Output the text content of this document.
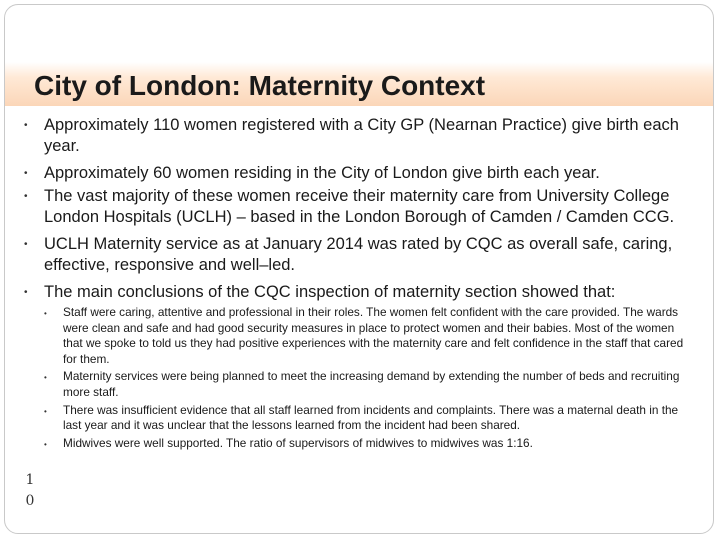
City of London: Maternity Context
• Approximately 110 women registered with a City GP (Nearnan Practice) give birth each year.
• Approximately 60 women residing in the City of London give birth each year.
• The vast majority of these women receive their maternity care from University College London Hospitals (UCLH) – based in the London Borough of Camden / Camden CCG.
• UCLH Maternity service as at January 2014 was rated by CQC as overall safe, caring, effective, responsive and well–led.
• The main conclusions of the CQC inspection of maternity section showed that:
• Staff were caring, attentive and professional in their roles. The women felt confident with the care provided. The wards were clean and safe and had good security measures in place to protect women and their babies. Most of the women that we spoke to told us they had positive experiences with the maternity care and felt confidence in the staff that cared for them.
• Maternity services were being planned to meet the increasing demand by extending the number of beds and recruiting more staff.
• There was insufficient evidence that all staff learned from incidents and complaints. There was a maternal death in the last year and it was unclear that the lessons learned from the incident had been shared.
• Midwives were well supported. The ratio of supervisors of midwives to midwives was 1:16.
1
0
